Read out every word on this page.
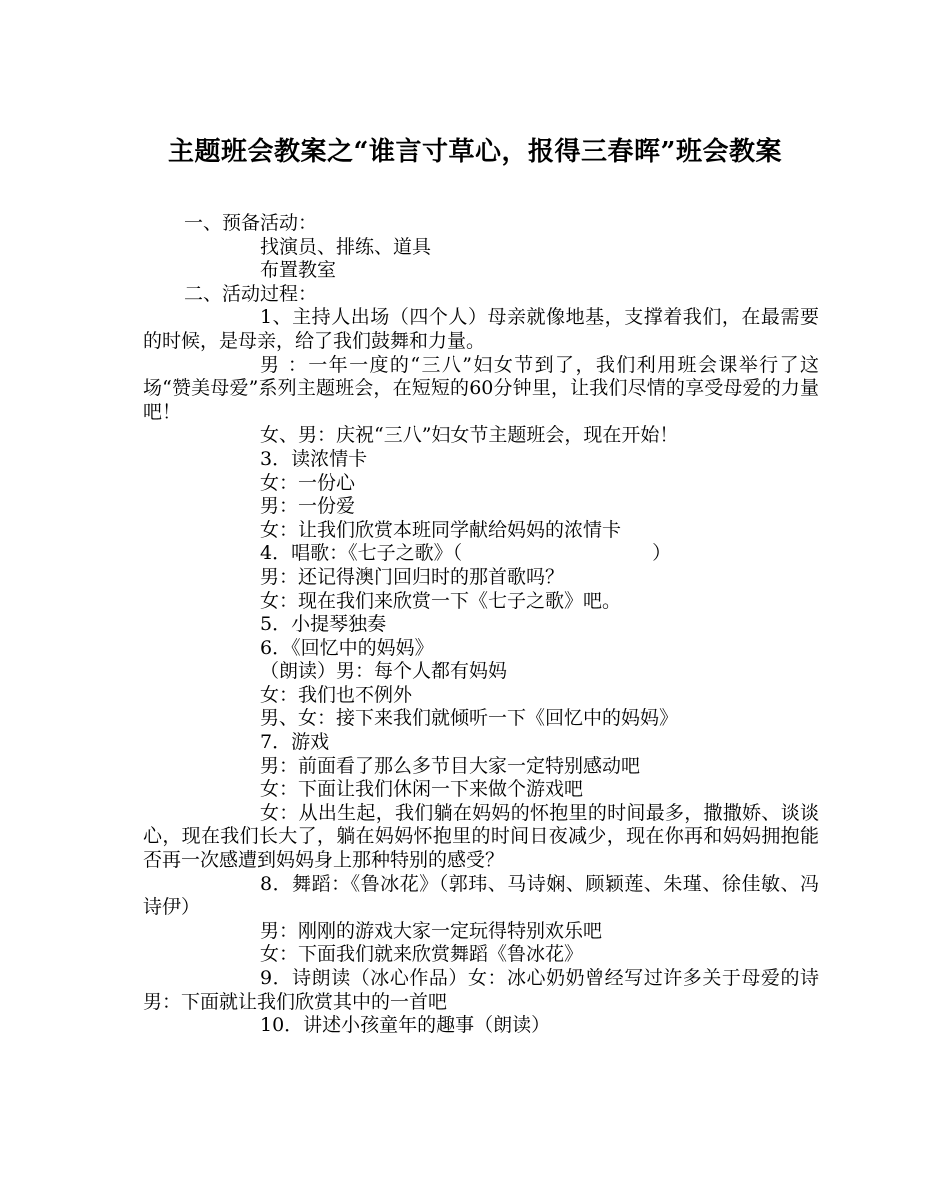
主题班会教案之“谁言寸草心，报得三春晖”班会教案
一、预备活动：
找演员、排练、道具
布置教室
二、活动过程：
1、主持人出场（四个人）母亲就像地基，支撑着我们，在最需要的时候，是母亲，给了我们鼓舞和力量。
男 ：一年一度的“三八”妇女节到了，我们利用班会课举行了这场“赞美母爱”系列主题班会，在短短的60分钟里，让我们尽情的享受母爱的力量吧！
女、男：庆祝“三八”妇女节主题班会，现在开始！
3．读浓情卡
女：一份心
男：一份爱
女：让我们欣赏本班同学献给妈妈的浓情卡
4．唱歌：《七子之歌》（	）
男：还记得澳门回归时的那首歌吗？
女：现在我们来欣赏一下《七子之歌》吧。
5．小提琴独奏
6．《回忆中的妈妈》
（朗读）男：每个人都有妈妈
女：我们也不例外
男、女：接下来我们就倾听一下《回忆中的妈妈》
7．游戏
男：前面看了那么多节目大家一定特别感动吧
女：下面让我们休闲一下来做个游戏吧
女：从出生起，我们躺在妈妈的怀抱里的时间最多，撒撒娇、谈谈心，现在我们长大了，躺在妈妈怀抱里的时间日夜减少，现在你再和妈妈拥抱能否再一次感遭到妈妈身上那种特别的感受？
8．舞蹈：《鲁冰花》（郭玮、马诗娴、顾颖莲、朱瑾、徐佳敏、冯诗伊）
男：刚刚的游戏大家一定玩得特别欢乐吧
女：下面我们就来欣赏舞蹈《鲁冰花》
9．诗朗读（冰心作品）女：冰心奶奶曾经写过许多关于母爱的诗 男：下面就让我们欣赏其中的一首吧
10．讲述小孩童年的趣事（朗读）
